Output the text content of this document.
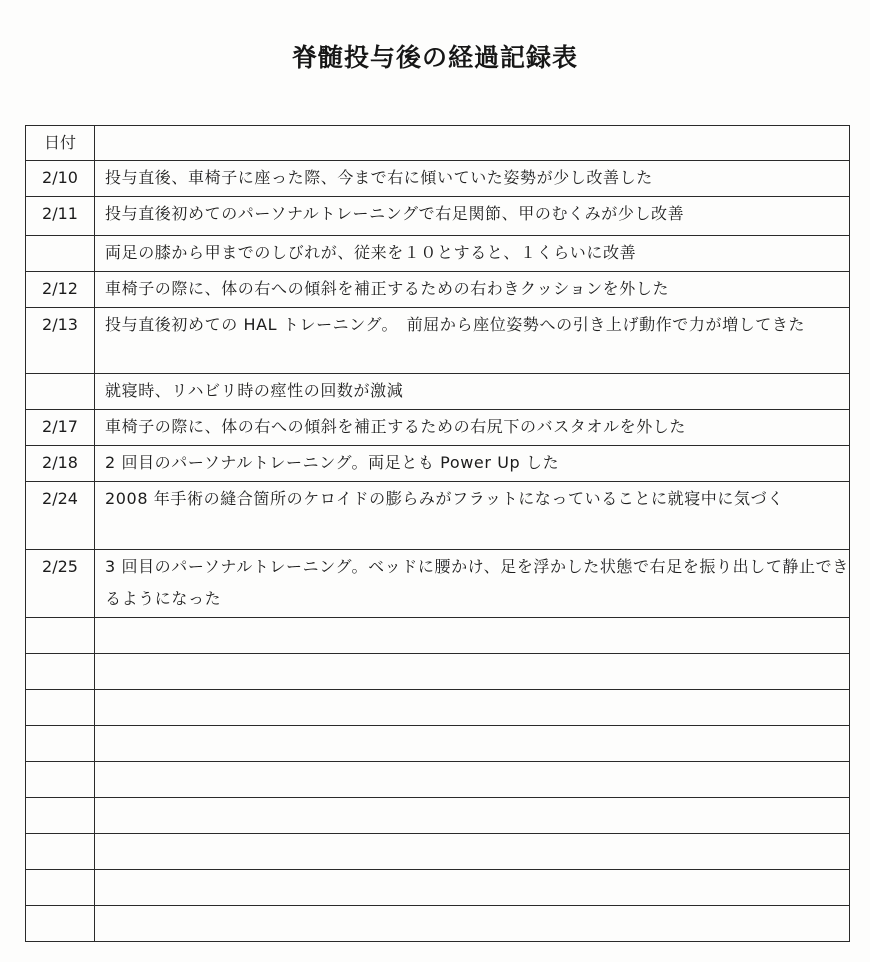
脊髄投与後の経過記録表
日付	
2/10	投与直後、車椅子に座った際、今まで右に傾いていた姿勢が少し改善した
2/11	投与直後初めてのパーソナルトレーニングで右足関節、甲のむくみが少し改善
	両足の膝から甲までのしびれが、従来を１０とすると、１くらいに改善
2/12	車椅子の際に、体の右への傾斜を補正するための右わきクッションを外した
2/13	投与直後初めての HAL トレーニング。　前屈から座位姿勢への引き上げ動作で力が増してきた
	就寝時、リハビリ時の痙性の回数が激減
2/17	車椅子の際に、体の右への傾斜を補正するための右尻下のバスタオルを外した
2/18	2 回目のパーソナルトレーニング。両足とも Power Up した
2/24	2008 年手術の縫合箇所のケロイドの膨らみがフラットになっていることに就寝中に気づく
2/25	3 回目のパーソナルトレーニング。ベッドに腰かけ、足を浮かした状態で右足を振り出して静止できるようになった
